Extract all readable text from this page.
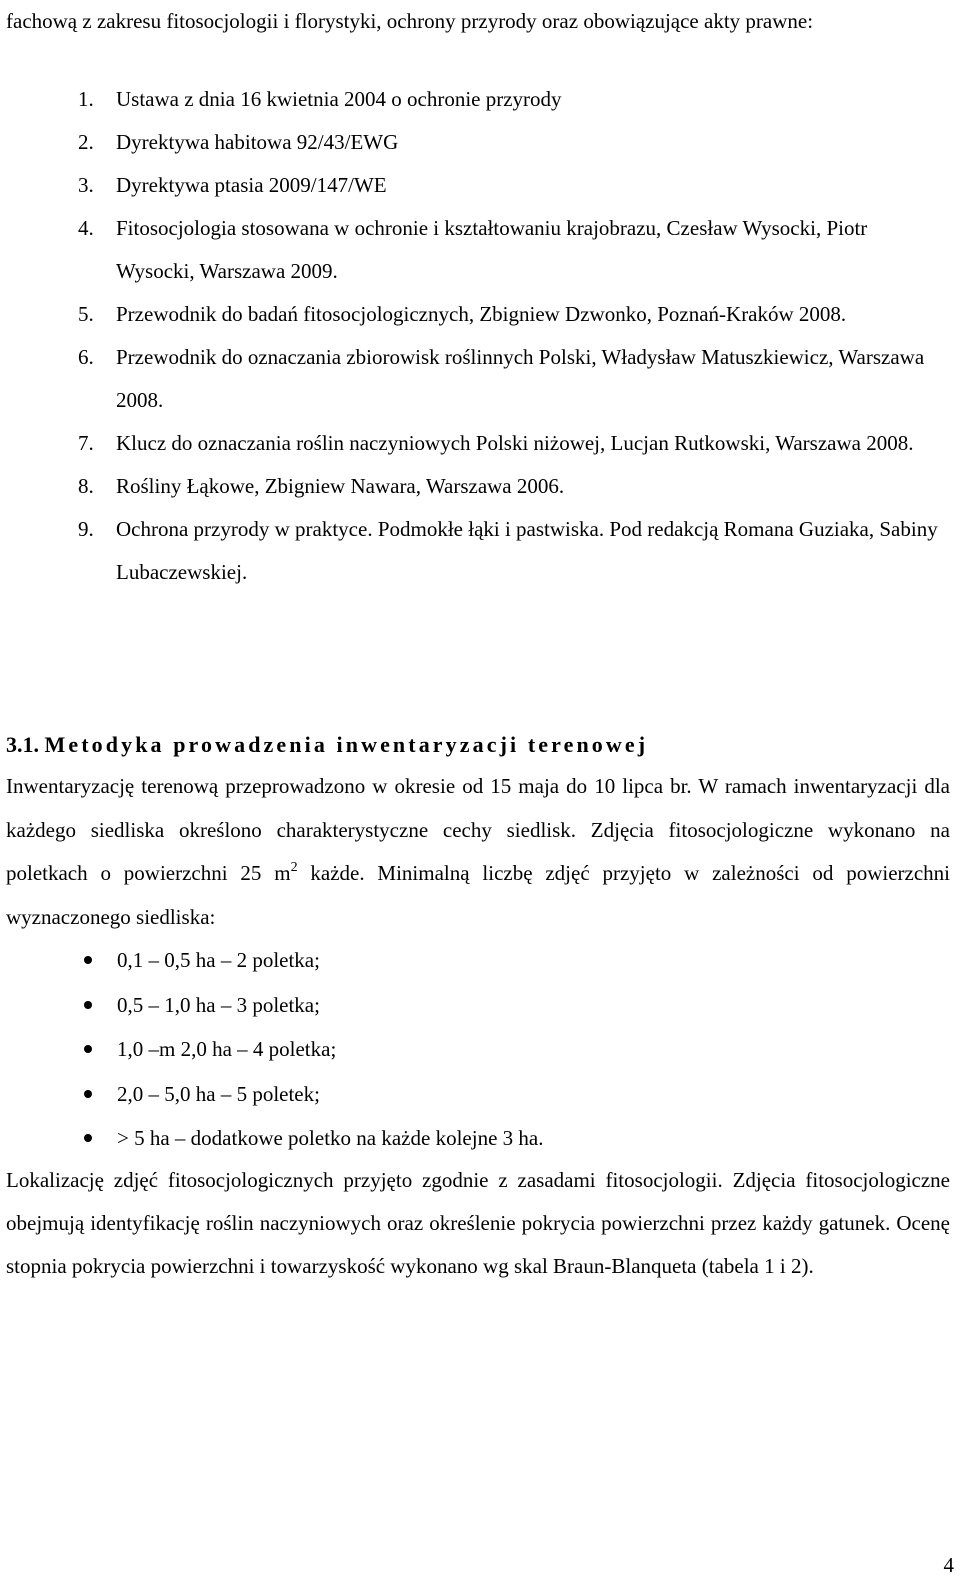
fachową z zakresu fitosocjologii i florystyki, ochrony przyrody oraz obowiązujące akty prawne:

1. Ustawa z dnia 16 kwietnia 2004 o ochronie przyrody
2. Dyrektywa habitowa 92/43/EWG
3. Dyrektywa ptasia 2009/147/WE
4. Fitosocjologia stosowana w ochronie i kształtowaniu krajobrazu, Czesław Wysocki, Piotr Wysocki, Warszawa 2009.
5. Przewodnik do badań fitosocjologicznych, Zbigniew Dzwonko, Poznań-Kraków 2008.
6. Przewodnik do oznaczania zbiorowisk roślinnych Polski, Władysław Matuszkiewicz, Warszawa 2008.
7. Klucz do oznaczania roślin naczyniowych Polski niżowej, Lucjan Rutkowski, Warszawa 2008.
8. Rośliny Łąkowe, Zbigniew Nawara, Warszawa 2006.
9. Ochrona przyrody w praktyce. Podmokłe łąki i pastwiska. Pod redakcją Romana Guziaka, Sabiny Lubaczewskiej.
3.1. Metodyka prowadzenia inwentaryzacji terenowej

Inwentaryzację terenową przeprowadzono w okresie od 15 maja do 10 lipca br. W ramach inwentaryzacji dla każdego siedliska określono charakterystyczne cechy siedlisk. Zdjęcia fitosocjologiczne wykonano na poletkach o powierzchni 25 $m^2$ każde. Minimalną liczbę zdjęć przyjęto w zależności od powierzchni wyznaczonego siedliska:

0,1 – 0,5 ha – 2 poletka;
0,5 – 1,0 ha – 3 poletka;
1,0 –m 2,0 ha – 4 poletka;
2,0 – 5,0 ha – 5 poletek;
> 5 ha – dodatkowe poletko na każde kolejne 3 ha.

Lokalizację zdjęć fitosocjologicznych przyjęto zgodnie z zasadami fitosocjologii. Zdjęcia fitosocjologiczne obejmują identyfikację roślin naczyniowych oraz określenie pokrycia powierzchni przez każdy gatunek. Ocenę stopnia pokrycia powierzchni i towarzyskość wykonano wg skal Braun-Blanqueta (tabela 1 i 2).

4
